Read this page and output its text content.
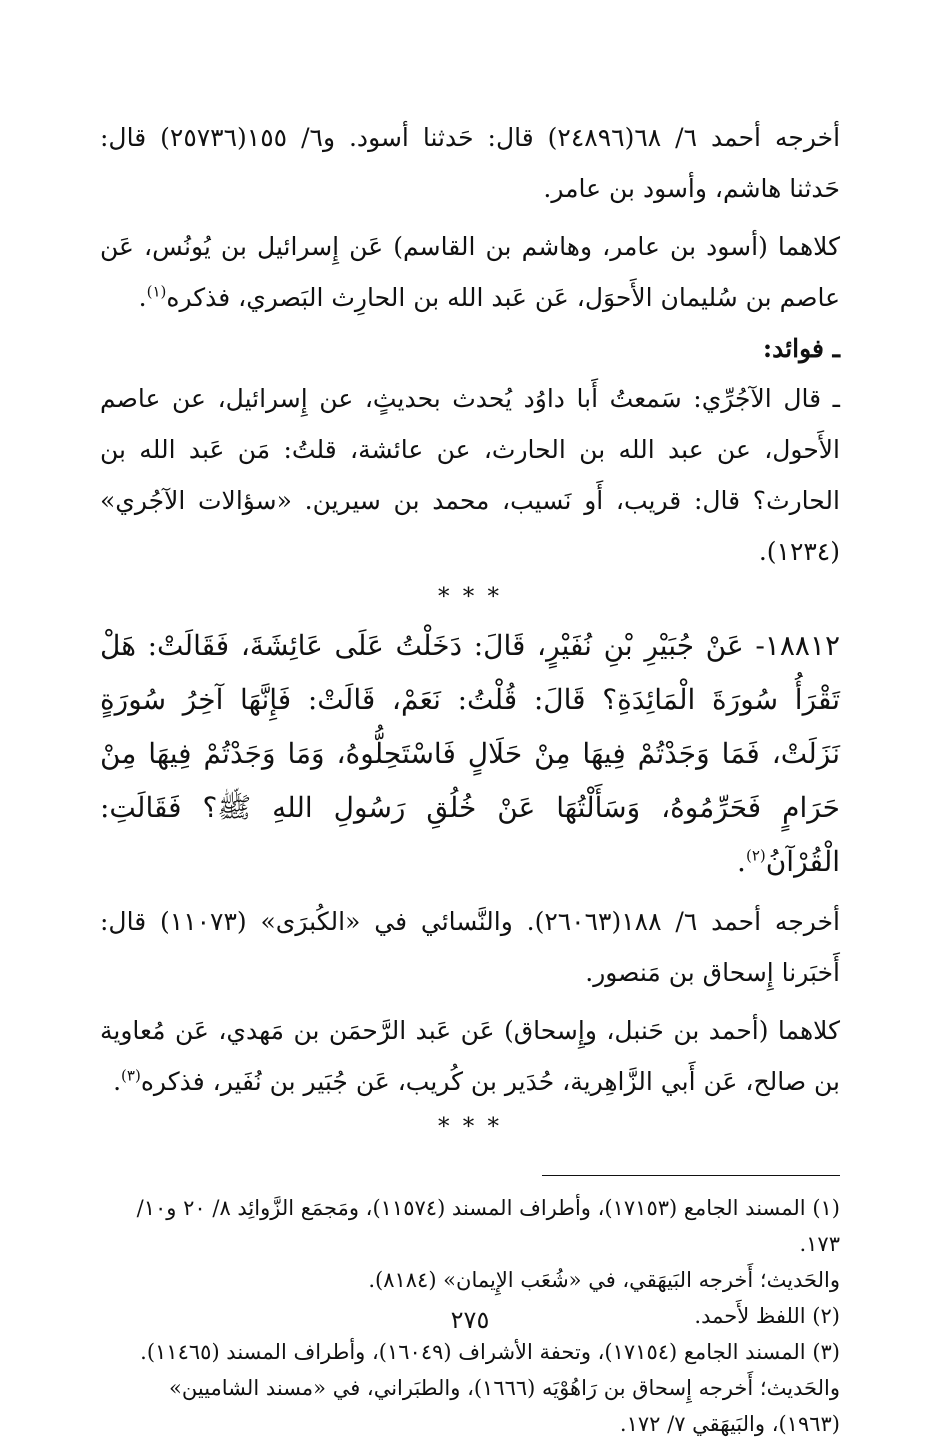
أخرجه أحمد ٦/ ٦٨(٢٤٨٩٦) قال: حَدثنا أسود. و٦/ ١٥٥(٢٥٧٣٦) قال: حَدثنا هاشم، وأسود بن عامر.

كلاهما (أسود بن عامر، وهاشم بن القاسم) عَن إِسرائيل بن يُونُس، عَن عاصم بن سُليمان الأَحوَل، عَن عَبد الله بن الحارِث البَصري، فذكره$^{(١)}$.

ـ فوائد:

ـ قال الآجُرِّي: سَمعتُ أَبا داوُد يُحدث بحديثٍ، عن إِسرائيل، عن عاصم الأَحول، عن عبد الله بن الحارث، عن عائشة، قلتُ: مَن عَبد الله بن الحارث؟ قال: قريب، أَو نَسيب، محمد بن سيرين. «سؤالات الآجُري» (١٢٣٤).

* * *

١٨٨١٢- عَنْ جُبَيْرِ بْنِ نُفَيْرٍ، قَالَ: دَخَلْتُ عَلَى عَائِشَةَ، فَقَالَتْ: هَلْ تَقْرَأُ سُورَةَ الْمَائِدَةِ؟ قَالَ: قُلْتُ: نَعَمْ، قَالَتْ: فَإِنَّهَا آخِرُ سُورَةٍ نَزَلَتْ، فَمَا وَجَدْتُمْ فِيهَا مِنْ حَلَالٍ فَاسْتَحِلُّوهُ، وَمَا وَجَدْتُمْ فِيهَا مِنْ حَرَامٍ فَحَرِّمُوهُ، وَسَأَلْتُهَا عَنْ خُلُقِ رَسُولِ اللهِ ﷺ؟ فَقَالَتِ: الْقُرْآنُ$^{(٢)}$.

أخرجه أحمد ٦/ ١٨٨(٢٦٠٦٣). والنَّسائي في «الكُبرَى» (١١٠٧٣) قال: أَخبَرنا إِسحاق بن مَنصور.

كلاهما (أحمد بن حَنبل، وإِسحاق) عَن عَبد الرَّحمَن بن مَهدي، عَن مُعاوية بن صالح، عَن أَبي الزَّاهِرية، حُدَير بن كُريب، عَن جُبَير بن نُفَير، فذكره$^{(٣)}$.

* * *

(١) المسند الجامع (١٧١٥٣)، وأطراف المسند (١١٥٧٤)، ومَجمَع الزَّوائِد ٨/ ٢٠ و١٠/ ١٧٣.

والحَديث؛ أَخرجه البَيهَقي، في «شُعَب الإِيمان» (٨١٨٤).

(٢) اللفظ لأَحمد.

(٣) المسند الجامع (١٧١٥٤)، وتحفة الأشراف (١٦٠٤٩)، وأطراف المسند (١١٤٦٥).

والحَديث؛ أَخرجه إِسحاق بن رَاهُوْيَه (١٦٦٦)، والطبَراني، في «مسند الشاميين» (١٩٦٣)، والبَيهَقي ٧/ ١٧٢.

٢٧٥
